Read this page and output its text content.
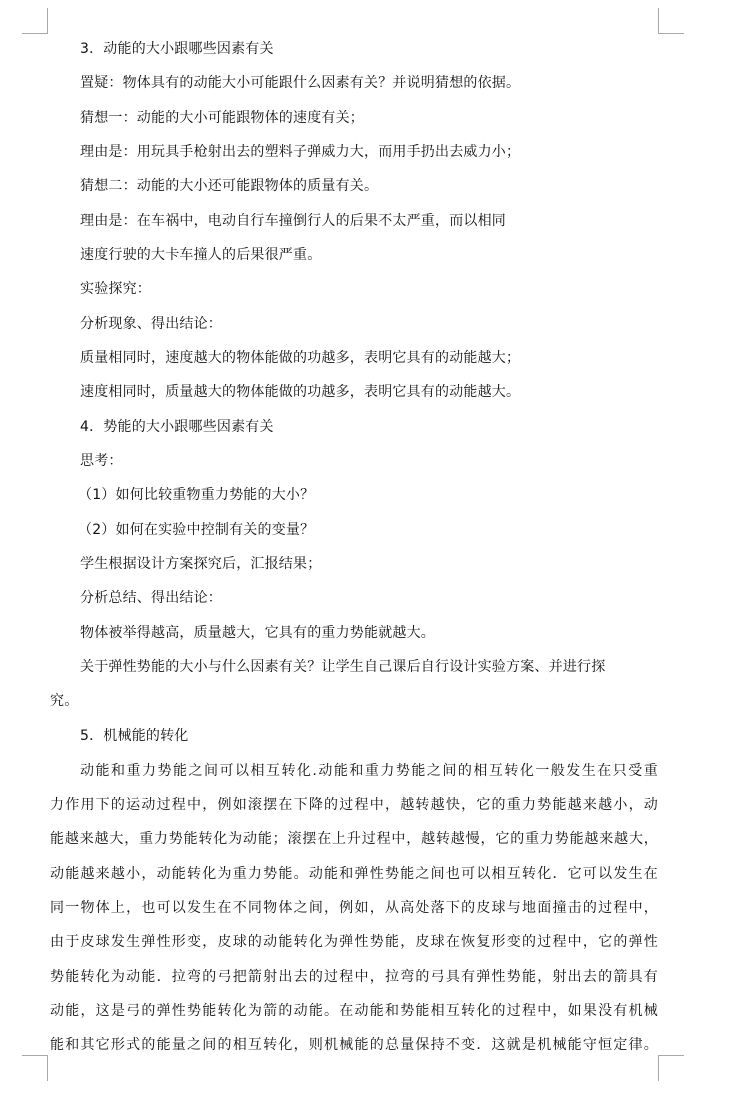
3．动能的大小跟哪些因素有关
置疑：物体具有的动能大小可能跟什么因素有关？并说明猜想的依据。
猜想一：动能的大小可能跟物体的速度有关；
理由是：用玩具手枪射出去的塑料子弹威力大，而用手扔出去威力小；
猜想二：动能的大小还可能跟物体的质量有关。
理由是：在车祸中，电动自行车撞倒行人的后果不太严重，而以相同
速度行驶的大卡车撞人的后果很严重。
实验探究：
分析现象、得出结论：
质量相同时，速度越大的物体能做的功越多，表明它具有的动能越大；
速度相同时，质量越大的物体能做的功越多，表明它具有的动能越大。
4．势能的大小跟哪些因素有关
思考：
（1）如何比较重物重力势能的大小？
（2）如何在实验中控制有关的变量？
学生根据设计方案探究后，汇报结果；
分析总结、得出结论：
物体被举得越高，质量越大，它具有的重力势能就越大。
关于弹性势能的大小与什么因素有关？让学生自己课后自行设计实验方案、并进行探
究。
5．机械能的转化
动能和重力势能之间可以相互转化.动能和重力势能之间的相互转化一般发生在只受重
力作用下的运动过程中，例如滚摆在下降的过程中，越转越快，它的重力势能越来越小，动
能越来越大，重力势能转化为动能；滚摆在上升过程中，越转越慢，它的重力势能越来越大，
动能越来越小，动能转化为重力势能。动能和弹性势能之间也可以相互转化．它可以发生在
同一物体上，也可以发生在不同物体之间，例如，从高处落下的皮球与地面撞击的过程中，
由于皮球发生弹性形变，皮球的动能转化为弹性势能，皮球在恢复形变的过程中，它的弹性
势能转化为动能．拉弯的弓把箭射出去的过程中，拉弯的弓具有弹性势能，射出去的箭具有
动能，这是弓的弹性势能转化为箭的动能。在动能和势能相互转化的过程中，如果没有机械
能和其它形式的能量之间的相互转化，则机械能的总量保持不变．这就是机械能守恒定律。
